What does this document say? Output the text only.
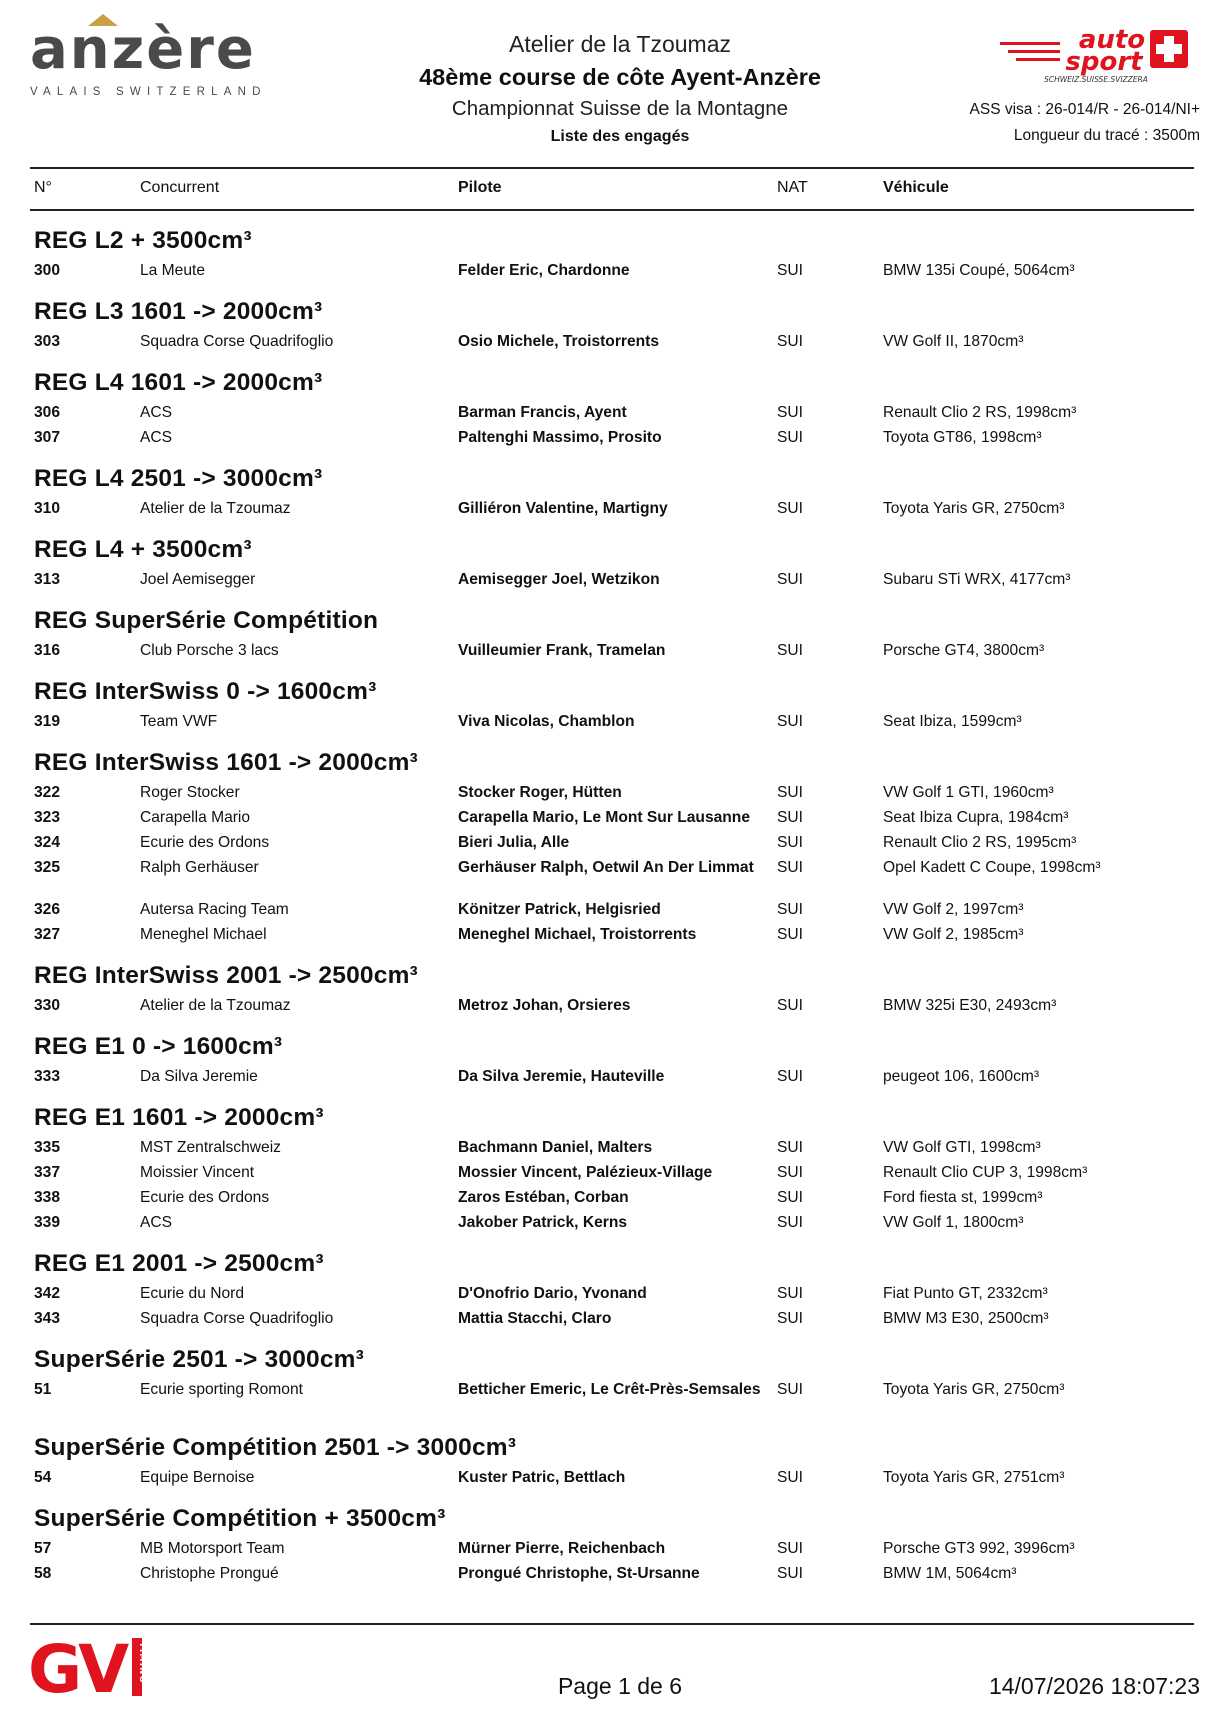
anzère
VALAIS SWITZERLAND
Atelier de la Tzoumaz
48ème course de côte Ayent-Anzère
Championnat Suisse de la Montagne
Liste des engagés
auto
sport
SCHWEIZ.SUISSE.SVIZZERA
ASS visa : 26-014/R - 26-014/NI+
Longueur du tracé : 3500m
N°	Concurrent	Pilote	NAT	Véhicule
REG L2 + 3500cm³
300	La Meute	Felder Eric, Chardonne	SUI	BMW 135i Coupé, 5064cm³
REG L3 1601 -> 2000cm³
303	Squadra Corse Quadrifoglio	Osio Michele, Troistorrents	SUI	VW Golf II, 1870cm³
REG L4 1601 -> 2000cm³
306	ACS	Barman Francis, Ayent	SUI	Renault Clio 2 RS, 1998cm³
307	ACS	Paltenghi Massimo, Prosito	SUI	Toyota GT86, 1998cm³
REG L4 2501 -> 3000cm³
310	Atelier de la Tzoumaz	Gilliéron Valentine, Martigny	SUI	Toyota Yaris GR, 2750cm³
REG L4 + 3500cm³
313	Joel Aemisegger	Aemisegger Joel, Wetzikon	SUI	Subaru STi WRX, 4177cm³
REG SuperSérie Compétition
316	Club Porsche 3 lacs	Vuilleumier Frank, Tramelan	SUI	Porsche GT4, 3800cm³
REG InterSwiss 0 -> 1600cm³
319	Team VWF	Viva Nicolas, Chamblon	SUI	Seat Ibiza, 1599cm³
REG InterSwiss 1601 -> 2000cm³
322	Roger Stocker	Stocker Roger, Hütten	SUI	VW Golf 1 GTI, 1960cm³
323	Carapella Mario	Carapella Mario, Le Mont Sur Lausanne	SUI	Seat Ibiza Cupra, 1984cm³
324	Ecurie des Ordons	Bieri Julia, Alle	SUI	Renault Clio 2 RS, 1995cm³
325	Ralph Gerhäuser	Gerhäuser Ralph, Oetwil An Der Limmat	SUI	Opel Kadett C Coupe, 1998cm³
326	Autersa Racing Team	Könitzer Patrick, Helgisried	SUI	VW Golf 2, 1997cm³
327	Meneghel Michael	Meneghel Michael, Troistorrents	SUI	VW Golf 2, 1985cm³
REG InterSwiss 2001 -> 2500cm³
330	Atelier de la Tzoumaz	Metroz Johan, Orsieres	SUI	BMW 325i E30, 2493cm³
REG E1 0 -> 1600cm³
333	Da Silva Jeremie	Da Silva Jeremie, Hauteville	SUI	peugeot 106, 1600cm³
REG E1 1601 -> 2000cm³
335	MST Zentralschweiz	Bachmann Daniel, Malters	SUI	VW Golf GTI, 1998cm³
337	Moissier Vincent	Mossier Vincent, Palézieux-Village	SUI	Renault Clio CUP 3, 1998cm³
338	Ecurie des Ordons	Zaros Estéban, Corban	SUI	Ford fiesta st, 1999cm³
339	ACS	Jakober Patrick, Kerns	SUI	VW Golf 1, 1800cm³
REG E1 2001 -> 2500cm³
342	Ecurie du Nord	D'Onofrio Dario, Yvonand	SUI	Fiat Punto GT, 2332cm³
343	Squadra Corse Quadrifoglio	Mattia Stacchi, Claro	SUI	BMW M3 E30, 2500cm³
SuperSérie 2501 -> 3000cm³
51	Ecurie sporting Romont	Betticher Emeric, Le Crêt-Près-Semsales	SUI	Toyota Yaris GR, 2750cm³
SuperSérie Compétition 2501 -> 3000cm³
54	Equipe Bernoise	Kuster Patric, Bettlach	SUI	Toyota Yaris GR, 2751cm³
SuperSérie Compétition + 3500cm³
57	MB Motorsport Team	Mürner Pierre, Reichenbach	SUI	Porsche GT3 992, 3996cm³
58	Christophe Prongué	Prongué Christophe, St-Ursanne	SUI	BMW 1M, 5064cm³
GV	TIMING
Page 1 de 6	14/07/2026 18:07:23
